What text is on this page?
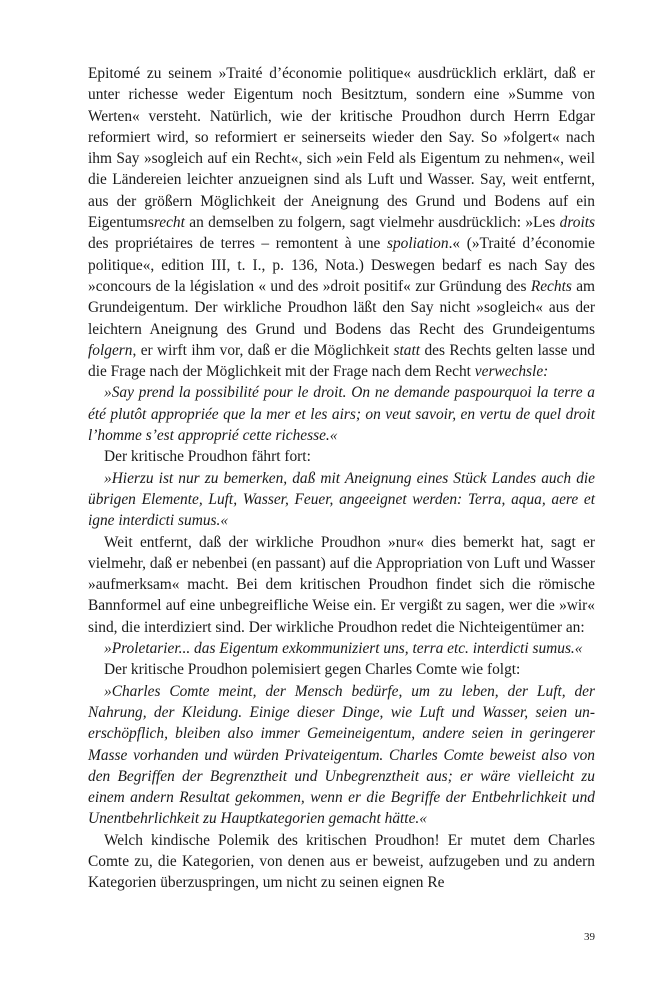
Epitomé zu seinem »Traité d’économie politique« ausdrücklich erklärt, daß er unter richesse weder Eigentum noch Besitztum, sondern eine »Summe von Werten« versteht. Natürlich, wie der kritische Proudhon durch Herrn Edgar reformiert wird, so reformiert er seinerseits wieder den Say. So »folgert« nach ihm Say »sogleich auf ein Recht«, sich »ein Feld als Eigentum zu nehmen«, weil die Ländereien leichter anzueignen sind als Luft und Wasser. Say, weit entfernt, aus der größern Möglichkeit der Aneignung des Grund und Bodens auf ein Eigentumsrecht an demselben zu folgern, sagt vielmehr ausdrücklich: »Les droits des propriétaires de terres – remontent à une spoliation.« (»Traité d’économie politique«, edition III, t. I., p. 136, Nota.) Deswegen bedarf es nach Say des »concours de la législation « und des »droit positif« zur Gründung des Rechts am Grundeigentum. Der wirkliche Proudhon läßt den Say nicht »sogleich« aus der leichtern Aneignung des Grund und Bodens das Recht des Grundeigentums folgern, er wirft ihm vor, daß er die Möglichkeit statt des Rechts gelten lasse und die Frage nach der Möglichkeit mit der Frage nach dem Recht verwechsle:

»Say prend la possibilité pour le droit. On ne demande paspourquoi la terre a été plutôt appropriée que la mer et les airs; on veut savoir, en vertu de quel droit l’homme s’est approprié cette richesse.«

Der kritische Proudhon fährt fort:

»Hierzu ist nur zu bemerken, daß mit Aneignung eines Stück Landes auch die übrigen Elemente, Luft, Wasser, Feuer, angeeignet werden: Terra, aqua, aere et igne interdicti sumus.«

Weit entfernt, daß der wirkliche Proudhon »nur« dies bemerkt hat, sagt er vielmehr, daß er nebenbei (en passant) auf die Appropriation von Luft und Wasser »aufmerksam« macht. Bei dem kritischen Proudhon findet sich die römische Bannformel auf eine unbegreifliche Weise ein. Er vergißt zu sagen, wer die »wir« sind, die interdiziert sind. Der wirkliche Proudhon redet die Nichteigentümer an:

»Proletarier... das Eigentum exkommuniziert uns, terra etc. interdicti sumus.«

Der kritische Proudhon polemisiert gegen Charles Comte wie folgt:

»Charles Comte meint, der Mensch bedürfe, um zu leben, der Luft, der Nahrung, der Kleidung. Einige dieser Dinge, wie Luft und Wasser, seien unerschöpflich, bleiben also immer Gemeineigentum, andere seien in geringerer Masse vorhanden und würden Privateigentum. Charles Comte beweist also von den Begriffen der Begrenztheit und Unbegrenztheit aus; er wäre vielleicht zu einem andern Resultat gekommen, wenn er die Begriffe der Entbehrlichkeit und Unentbehrlichkeit zu Hauptkategorien gemacht hätte.«

Welch kindische Polemik des kritischen Proudhon! Er mutet dem Charles Comte zu, die Kategorien, von denen aus er beweist, aufzugeben und zu andern Kategorien überzuspringen, um nicht zu seinen eignen Re

39
